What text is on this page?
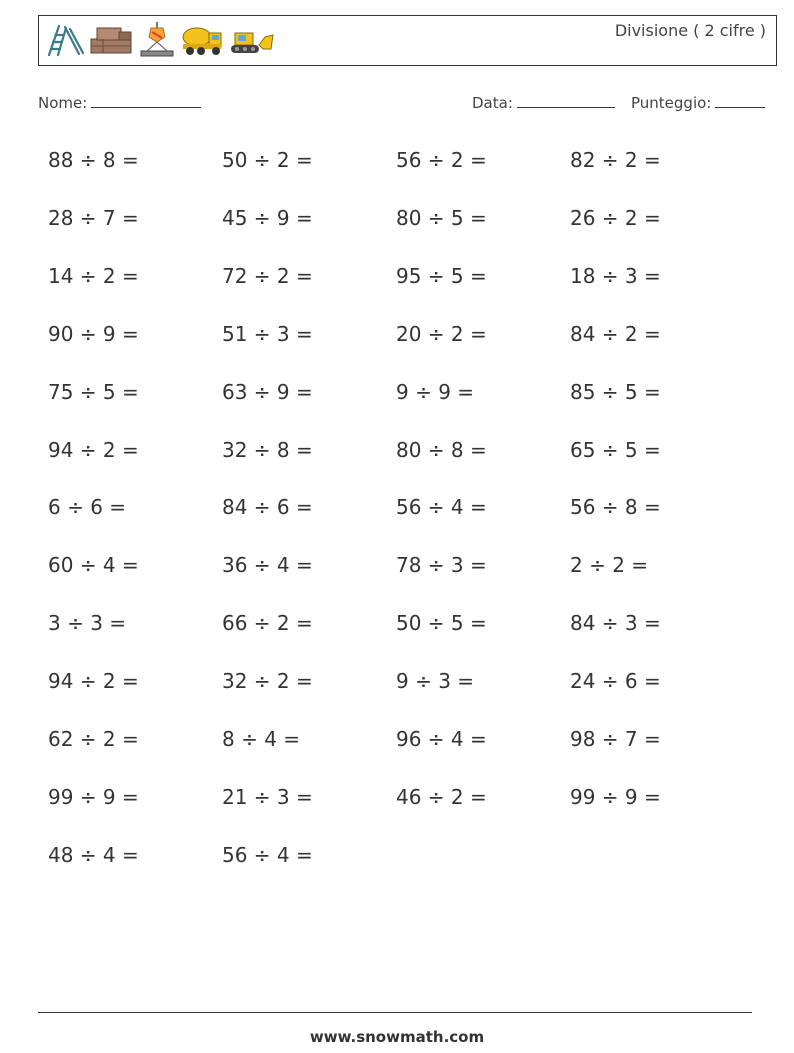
Divisione ( 2 cifre )
Nome:	Data:	Punteggio:
88 ÷ 8 =	50 ÷ 2 =	56 ÷ 2 =	82 ÷ 2 =
28 ÷ 7 =	45 ÷ 9 =	80 ÷ 5 =	26 ÷ 2 =
14 ÷ 2 =	72 ÷ 2 =	95 ÷ 5 =	18 ÷ 3 =
90 ÷ 9 =	51 ÷ 3 =	20 ÷ 2 =	84 ÷ 2 =
75 ÷ 5 =	63 ÷ 9 =	9 ÷ 9 =	85 ÷ 5 =
94 ÷ 2 =	32 ÷ 8 =	80 ÷ 8 =	65 ÷ 5 =
6 ÷ 6 =	84 ÷ 6 =	56 ÷ 4 =	56 ÷ 8 =
60 ÷ 4 =	36 ÷ 4 =	78 ÷ 3 =	2 ÷ 2 =
3 ÷ 3 =	66 ÷ 2 =	50 ÷ 5 =	84 ÷ 3 =
94 ÷ 2 =	32 ÷ 2 =	9 ÷ 3 =	24 ÷ 6 =
62 ÷ 2 =	8 ÷ 4 =	96 ÷ 4 =	98 ÷ 7 =
99 ÷ 9 =	21 ÷ 3 =	46 ÷ 2 =	99 ÷ 9 =
48 ÷ 4 =	56 ÷ 4 =
www.snowmath.com
